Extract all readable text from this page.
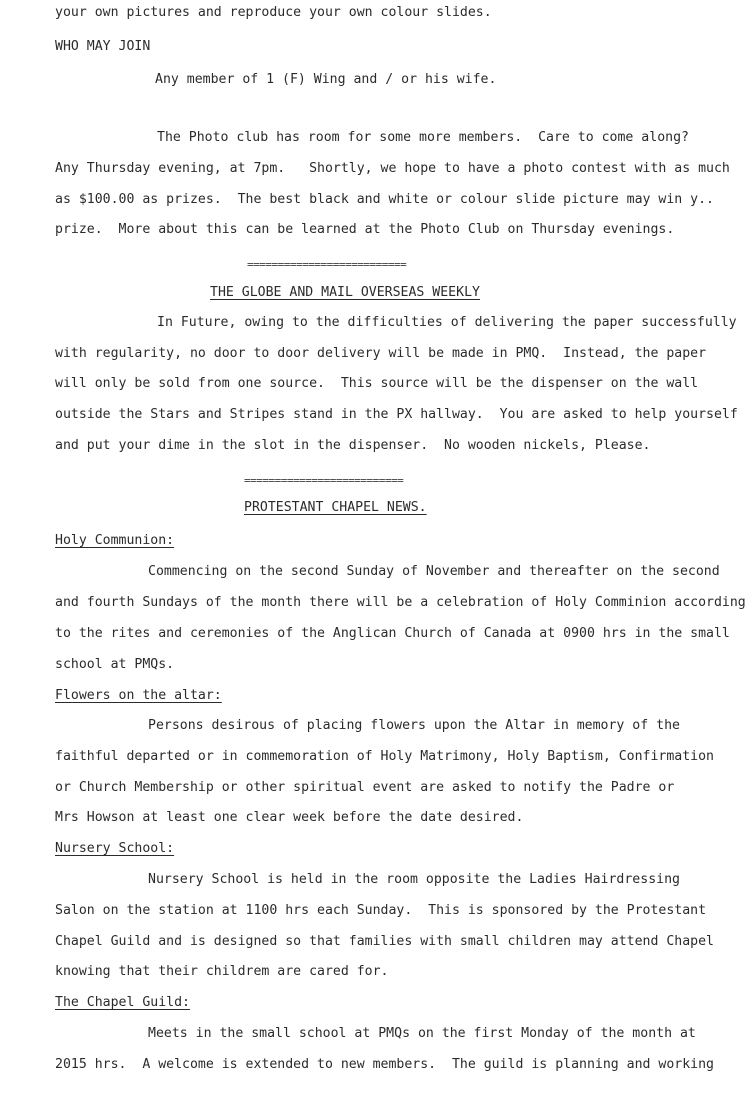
your own pictures and reproduce your own colour slides.
WHO MAY JOIN
Any member of 1 (F) Wing and / or his wife.
The Photo club has room for some more members.  Care to come along?
Any Thursday evening, at 7pm.   Shortly, we hope to have a photo contest with as much
as $100.00 as prizes.  The best black and white or colour slide picture may win y..
prize.  More about this can be learned at the Photo Club on Thursday evenings.
==========================
THE GLOBE AND MAIL OVERSEAS WEEKLY
In Future, owing to the difficulties of delivering the paper successfully
with regularity, no door to door delivery will be made in PMQ.  Instead, the paper
will only be sold from one source.  This source will be the dispenser on the wall
outside the Stars and Stripes stand in the PX hallway.  You are asked to help yourself
and put your dime in the slot in the dispenser.  No wooden nickels, Please.
==========================
PROTESTANT CHAPEL NEWS.
Holy Communion:
Commencing on the second Sunday of November and thereafter on the second
and fourth Sundays of the month there will be a celebration of Holy Comminion according
to the rites and ceremonies of the Anglican Church of Canada at 0900 hrs in the small
school at PMQs.
Flowers on the altar:
Persons desirous of placing flowers upon the Altar in memory of the
faithful departed or in commemoration of Holy Matrimony, Holy Baptism, Confirmation
or Church Membership or other spiritual event are asked to notify the Padre or
Mrs Howson at least one clear week before the date desired.
Nursery School:
Nursery School is held in the room opposite the Ladies Hairdressing
Salon on the station at 1100 hrs each Sunday.  This is sponsored by the Protestant
Chapel Guild and is designed so that families with small children may attend Chapel
knowing that their childrem are cared for.
The Chapel Guild:
Meets in the small school at PMQs on the first Monday of the month at
2015 hrs.  A welcome is extended to new members.  The guild is planning and working
